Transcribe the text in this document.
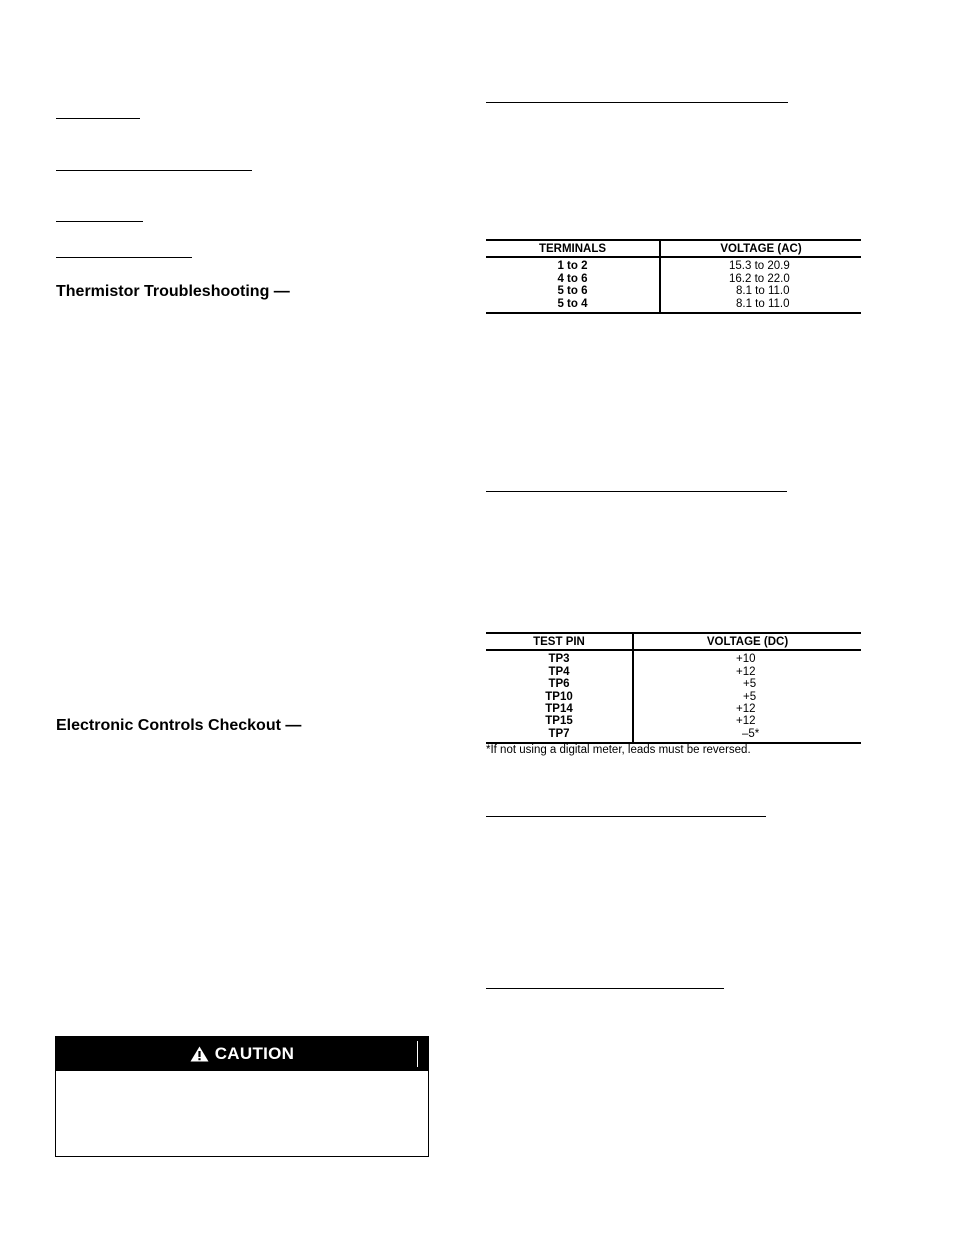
Thermistor Troubleshooting —
Electronic Controls Checkout —
TERMINALS	VOLTAGE (AC)
1 to 2	15.3 to 20.9
4 to 6	16.2 to 22.0
5 to 6	8.1 to 11.0
5 to 4	8.1 to 11.0
TEST PIN	VOLTAGE (DC)
TP3	+10
TP4	+12
TP6	+5
TP10	+5
TP14	+12
TP15	+12
TP7	–5*
*If not using a digital meter, leads must be reversed.
CAUTION
